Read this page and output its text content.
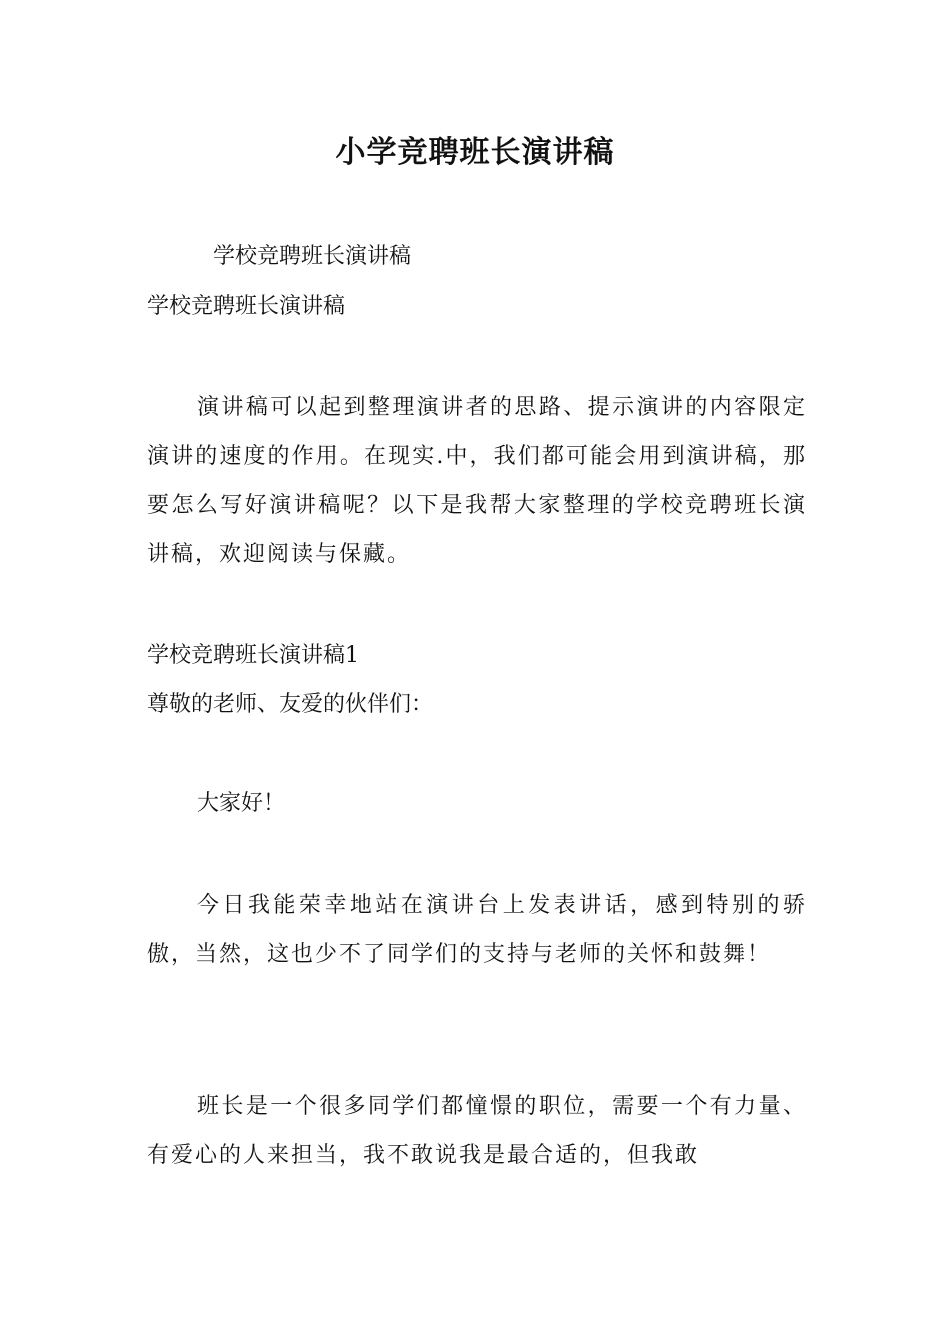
小学竞聘班长演讲稿

学校竞聘班长演讲稿

学校竞聘班长演讲稿

演讲稿可以起到整理演讲者的思路、提示演讲的内容限定演讲的速度的作用。在现实.中，我们都可能会用到演讲稿，那要怎么写好演讲稿呢？以下是我帮大家整理的学校竞聘班长演讲稿，欢迎阅读与保藏。

学校竞聘班长演讲稿1

尊敬的老师、友爱的伙伴们：

大家好！

今日我能荣幸地站在演讲台上发表讲话，感到特别的骄傲，当然，这也少不了同学们的支持与老师的关怀和鼓舞！

班长是一个很多同学们都憧憬的职位，需要一个有力量、有爱心的人来担当，我不敢说我是最合适的，但我敢
